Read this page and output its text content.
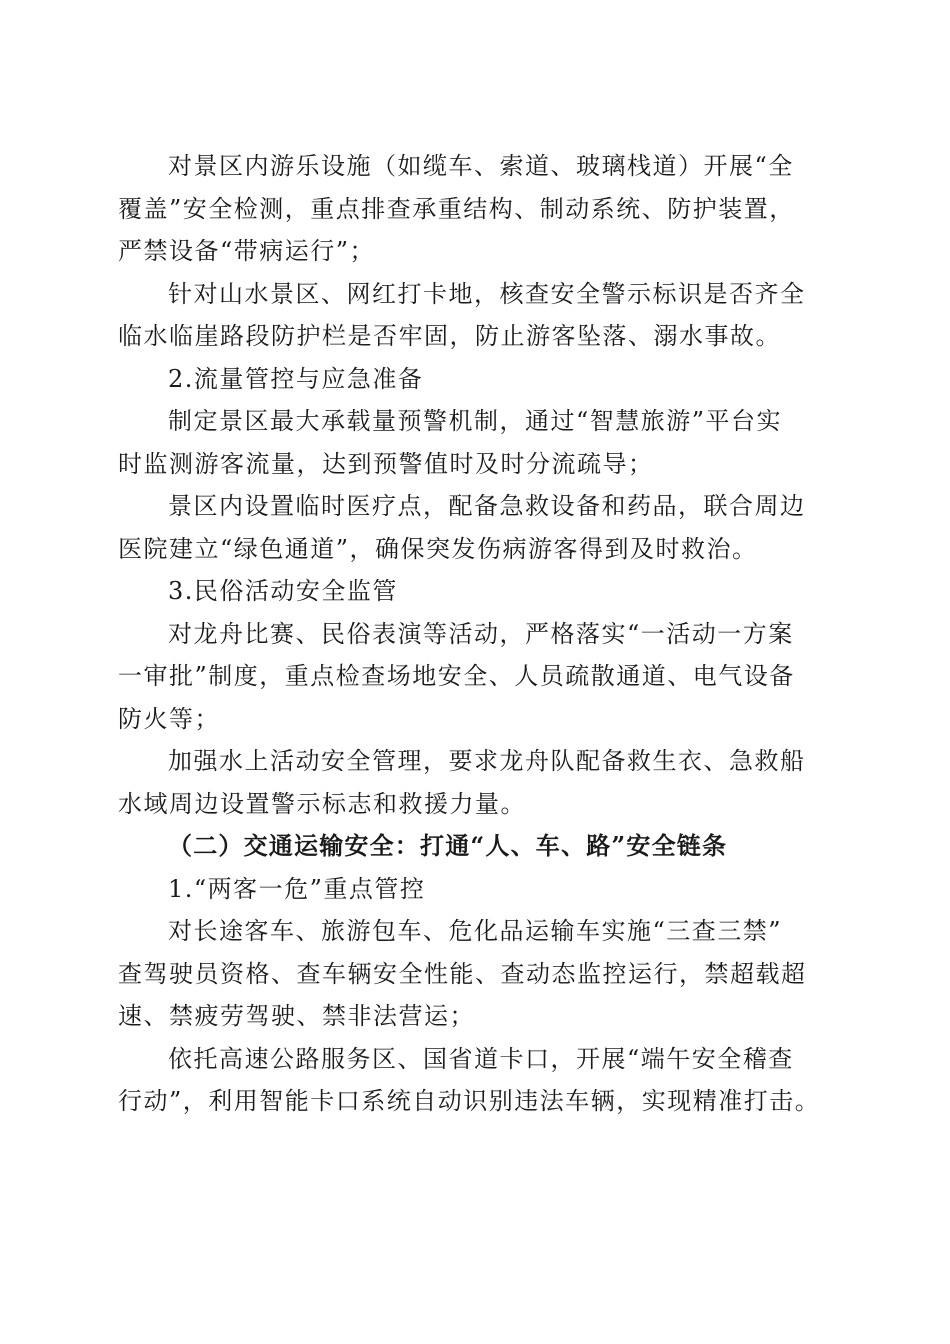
对景区内游乐设施（如缆车、索道、玻璃栈道）开展“全
覆盖”安全检测，重点排查承重结构、制动系统、防护装置，
严禁设备“带病运行”；
针对山水景区、网红打卡地，核查安全警示标识是否齐全
临水临崖路段防护栏是否牢固，防止游客坠落、溺水事故。
2.流量管控与应急准备
制定景区最大承载量预警机制，通过“智慧旅游”平台实
时监测游客流量，达到预警值时及时分流疏导；
景区内设置临时医疗点，配备急救设备和药品，联合周边
医院建立“绿色通道”，确保突发伤病游客得到及时救治。
3.民俗活动安全监管
对龙舟比赛、民俗表演等活动，严格落实“一活动一方案
一审批”制度，重点检查场地安全、人员疏散通道、电气设备
防火等；
加强水上活动安全管理，要求龙舟队配备救生衣、急救船
水域周边设置警示标志和救援力量。
（二）交通运输安全：打通“人、车、路”安全链条
1.“两客一危”重点管控
对长途客车、旅游包车、危化品运输车实施“三查三禁”
查驾驶员资格、查车辆安全性能、查动态监控运行，禁超载超
速、禁疲劳驾驶、禁非法营运；
依托高速公路服务区、国省道卡口，开展“端午安全稽查
行动”，利用智能卡口系统自动识别违法车辆，实现精准打击。
